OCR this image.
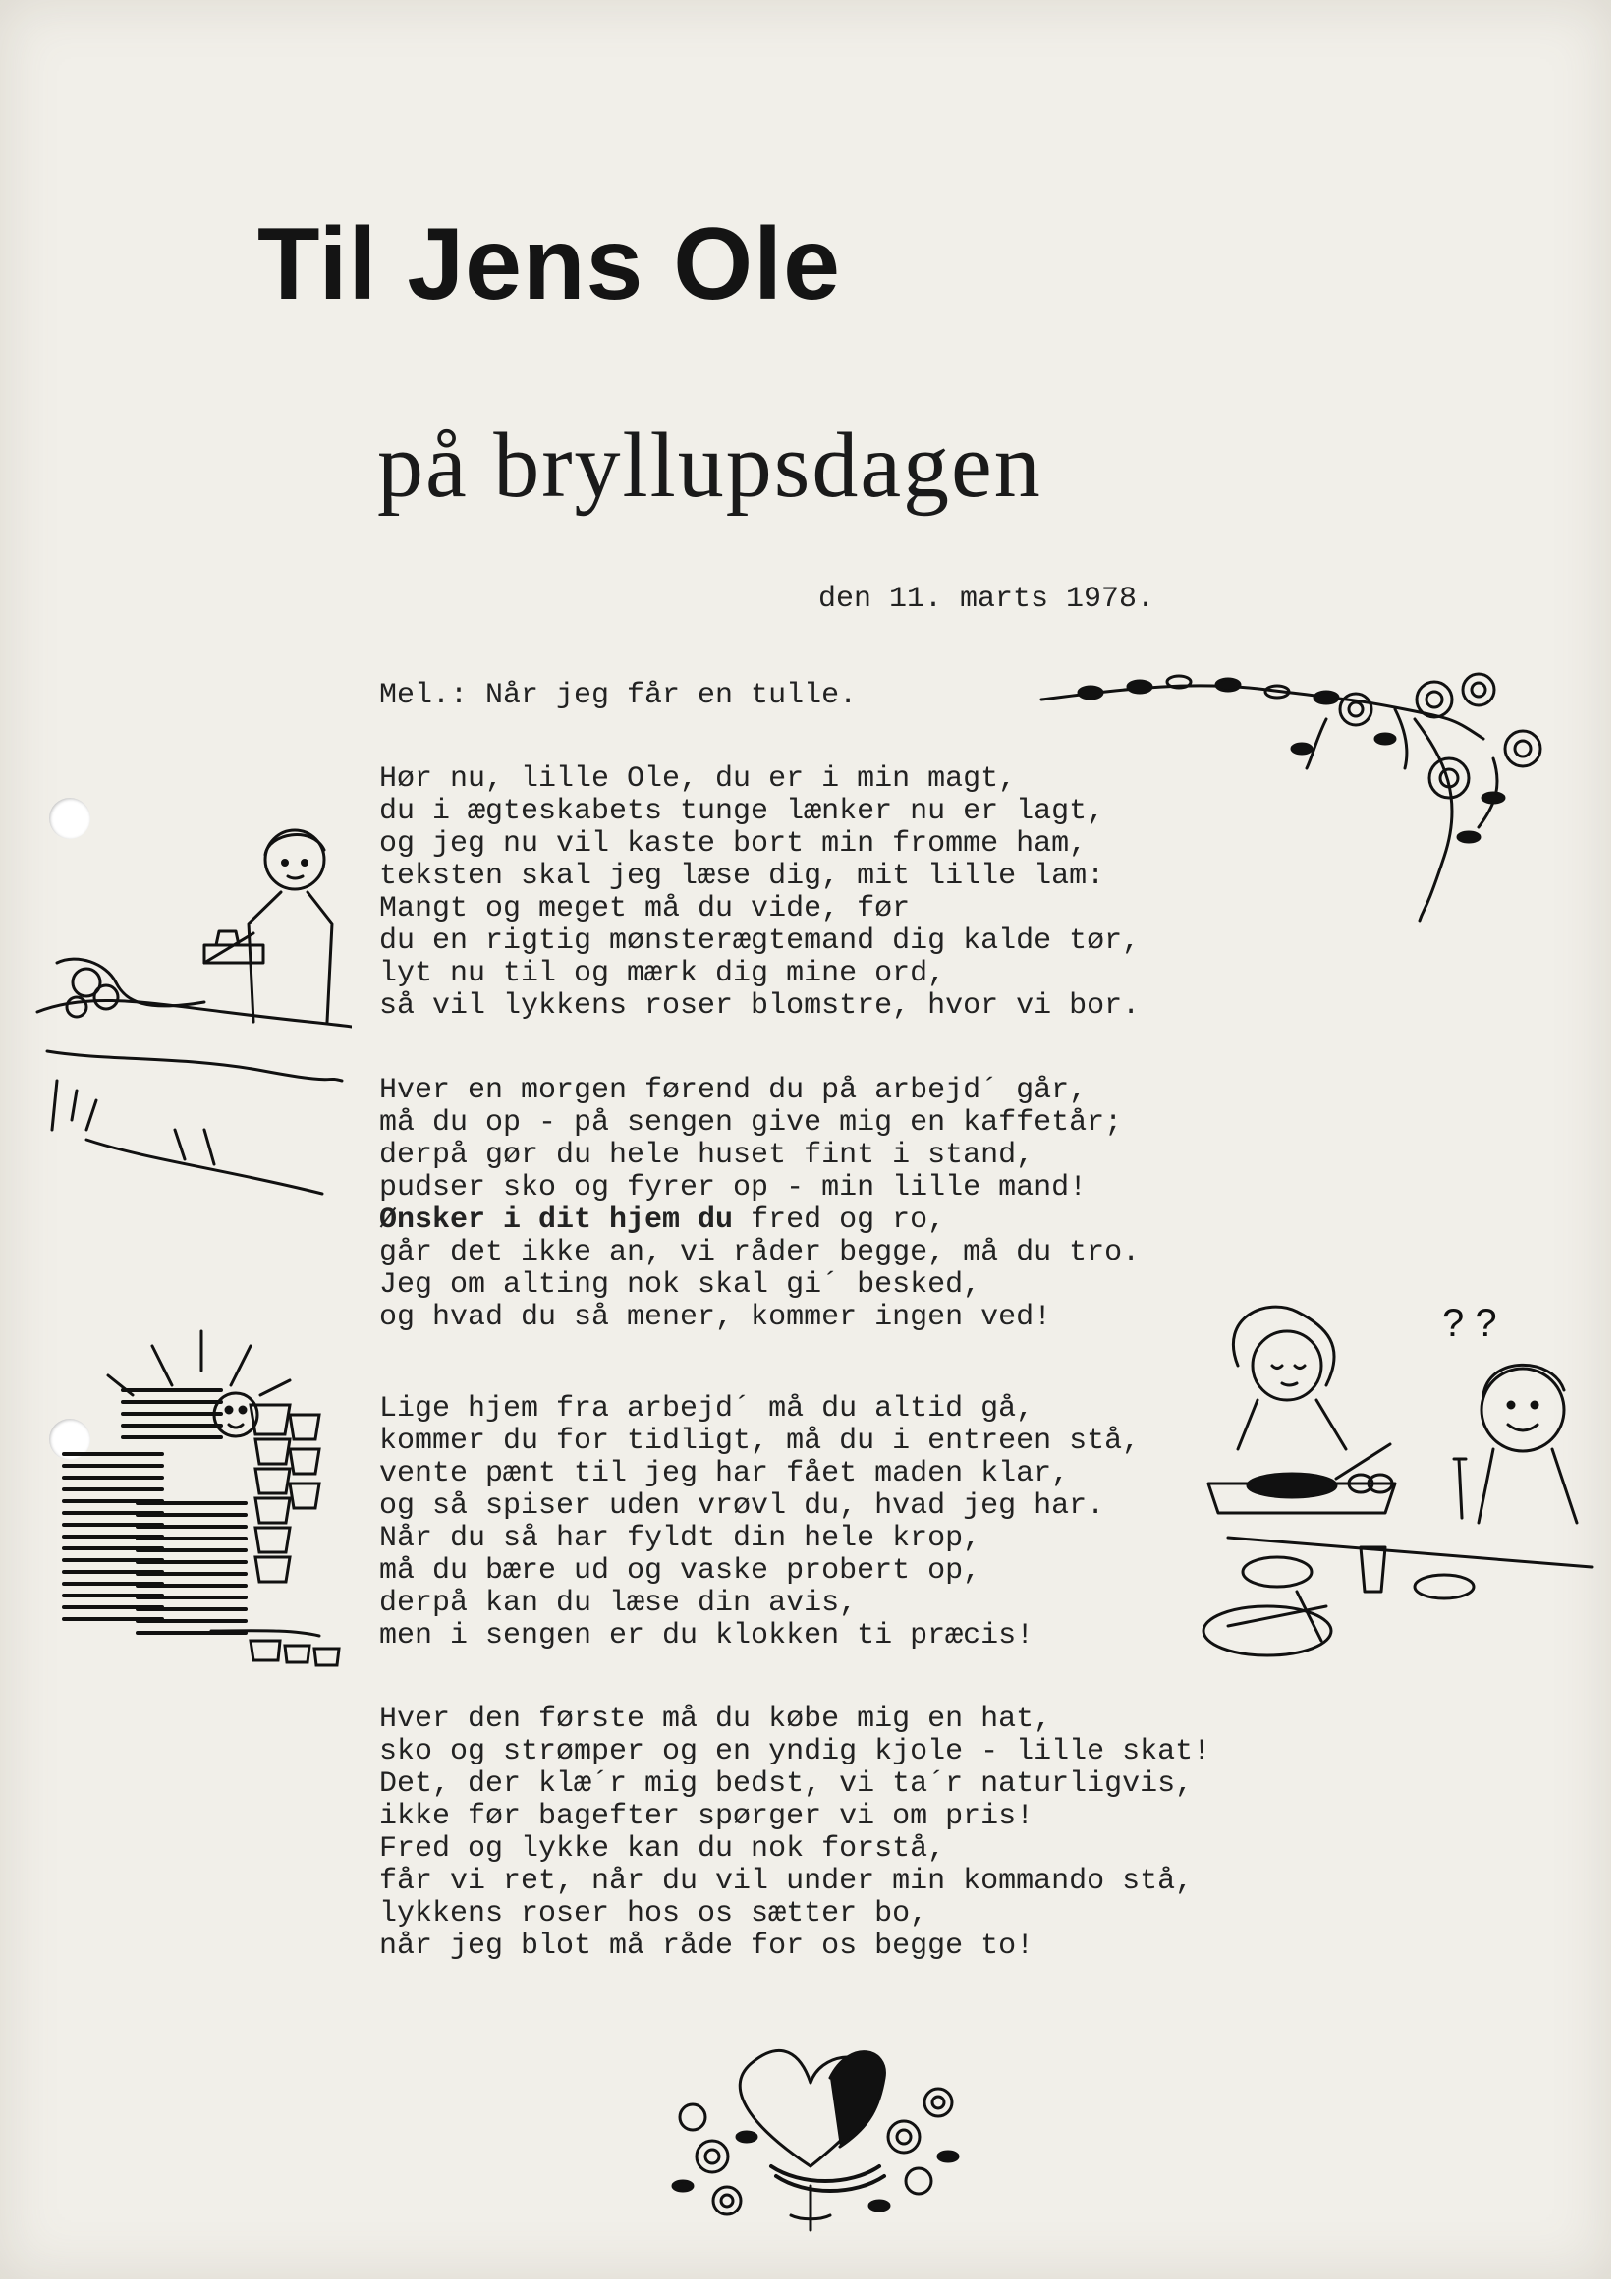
Til Jens Ole
på bryllupsdagen
den 11. marts 1978.
Mel.: Når jeg får en tulle.
Hør nu, lille Ole, du er i min magt,
du i ægteskabets tunge lænker nu er lagt,
og jeg nu vil kaste bort min fromme ham,
teksten skal jeg læse dig, mit lille lam:
Mangt og meget må du vide, før
du en rigtig mønsterægtemand dig kalde tør,
lyt nu til og mærk dig mine ord,
så vil lykkens roser blomstre, hvor vi bor.
Hver en morgen førend du på arbejd´ går,
må du op - på sengen give mig en kaffetår;
derpå gør du hele huset fint i stand,
pudser sko og fyrer op - min lille mand!
Ønsker i dit hjem du fred og ro,
går det ikke an, vi råder begge, må du tro.
Jeg om alting nok skal gi´ besked,
og hvad du så mener, kommer ingen ved!
Lige hjem fra arbejd´ må du altid gå,
kommer du for tidligt, må du i entreen stå,
vente pænt til jeg har fået maden klar,
og så spiser uden vrøvl du, hvad jeg har.
Når du så har fyldt din hele krop,
må du bære ud og vaske probert op,
derpå kan du læse din avis,
men i sengen er du klokken ti præcis!
Hver den første må du købe mig en hat,
sko og strømper og en yndig kjole - lille skat!
Det, der klæ´r mig bedst, vi ta´r naturligvis,
ikke før bagefter spørger vi om pris!
Fred og lykke kan du nok forstå,
får vi ret, når du vil under min kommando stå,
lykkens roser hos os sætter bo,
når jeg blot må råde for os begge to!
? ?
